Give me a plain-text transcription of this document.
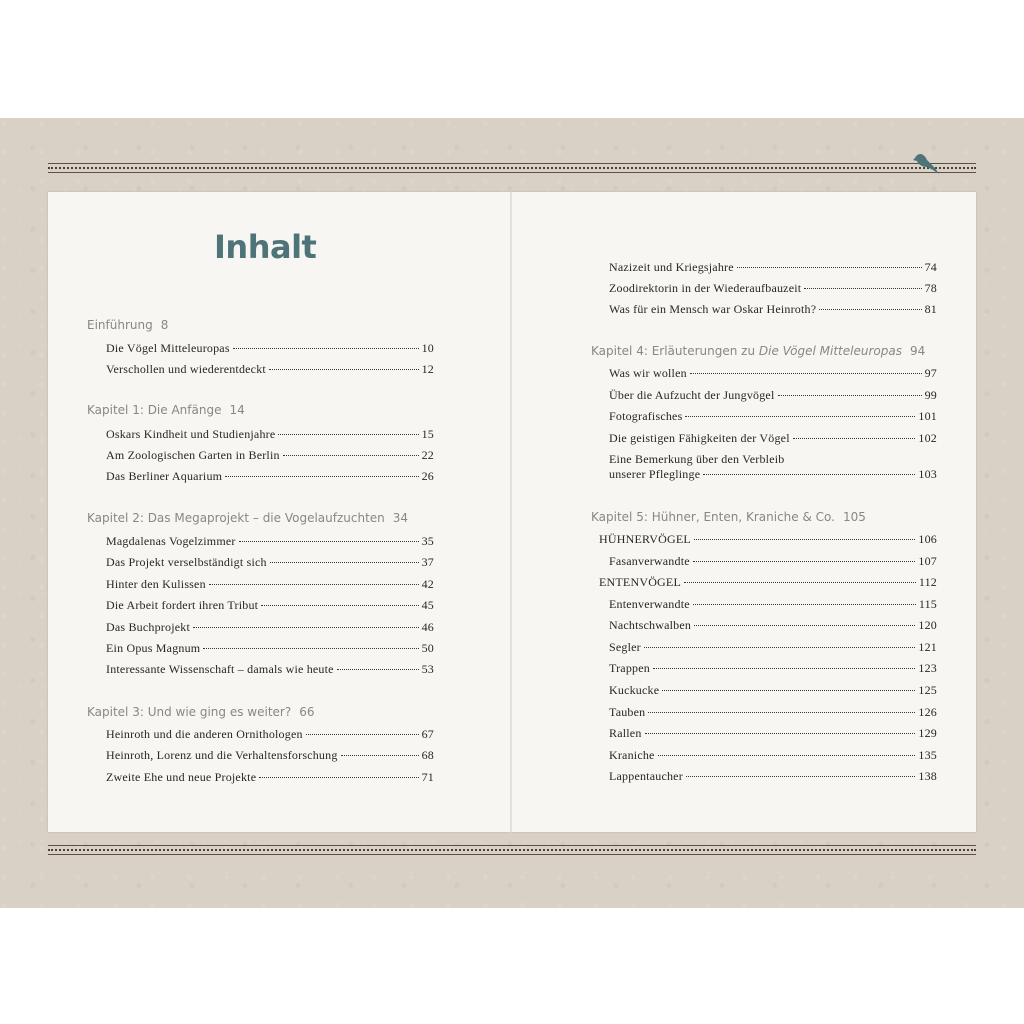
Inhalt
Einführung 8
Die Vögel Mitteleuropas	10
Verschollen und wiederentdeckt	12
Kapitel 1: Die Anfänge 14
Oskars Kindheit und Studienjahre	15
Am Zoologischen Garten in Berlin	22
Das Berliner Aquarium	26
Kapitel 2: Das Megaprojekt – die Vogelaufzuchten 34
Magdalenas Vogelzimmer	35
Das Projekt verselbständigt sich	37
Hinter den Kulissen	42
Die Arbeit fordert ihren Tribut	45
Das Buchprojekt	46
Ein Opus Magnum	50
Interessante Wissenschaft – damals wie heute	53
Kapitel 3: Und wie ging es weiter? 66
Heinroth und die anderen Ornithologen	67
Heinroth, Lorenz und die Verhaltensforschung	68
Zweite Ehe und neue Projekte	71
Nazizeit und Kriegsjahre	74
Zoodirektorin in der Wiederaufbauzeit	78
Was für ein Mensch war Oskar Heinroth?	81
Kapitel 4: Erläuterungen zu Die Vögel Mitteleuropas 94
Was wir wollen	97
Über die Aufzucht der Jungvögel	99
Fotografisches	101
Die geistigen Fähigkeiten der Vögel	102
Eine Bemerkung über den Verbleib
unserer Pfleglinge	103
Kapitel 5: Hühner, Enten, Kraniche & Co. 105
HÜHNERVÖGEL	106
Fasanverwandte	107
ENTENVÖGEL	112
Entenverwandte	115
Nachtschwalben	120
Segler	121
Trappen	123
Kuckucke	125
Tauben	126
Rallen	129
Kraniche	135
Lappentaucher	138
